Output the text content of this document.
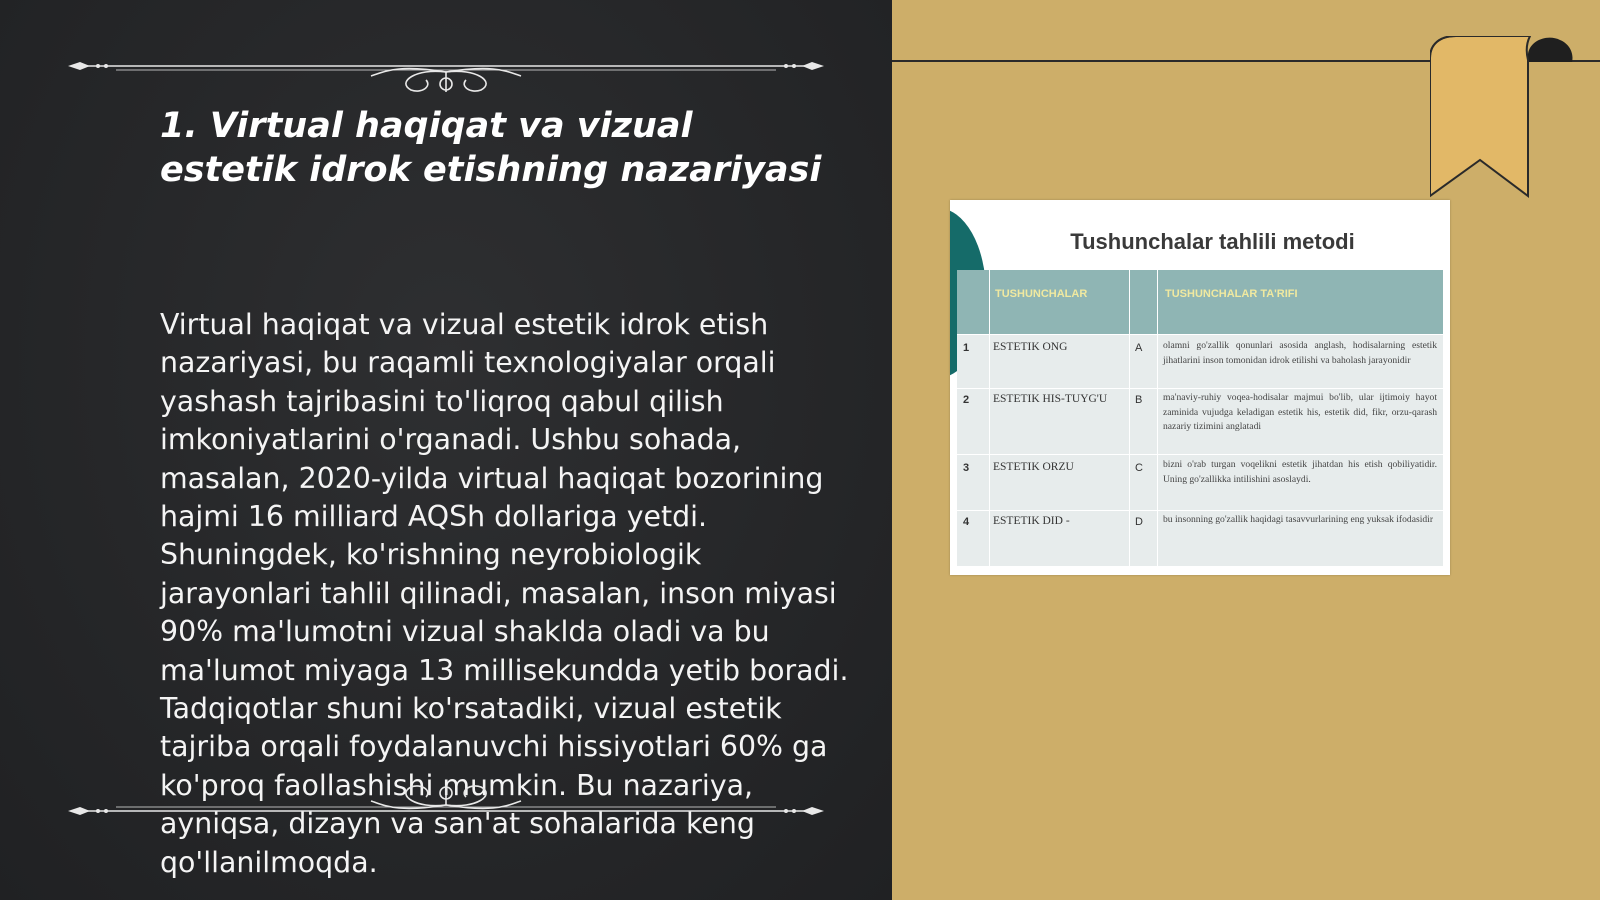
1. Virtual haqiqat va vizual estetik idrok etishning nazariyasi

Virtual haqiqat va vizual estetik idrok etish nazariyasi, bu raqamli texnologiyalar orqali yashash tajribasini to'liqroq qabul qilish imkoniyatlarini o'rganadi. Ushbu sohada, masalan, 2020-yilda virtual haqiqat bozorining hajmi 16 milliard AQSh dollariga yetdi. Shuningdek, ko'rishning neyrobiologik jarayonlari tahlil qilinadi, masalan, inson miyasi 90% ma'lumotni vizual shaklda oladi va bu ma'lumot miyaga 13 millisekundda yetib boradi. Tadqiqotlar shuni ko'rsatadiki, vizual estetik tajriba orqali foydalanuvchi hissiyotlari 60% ga ko'proq faollashishi mumkin. Bu nazariya, ayniqsa, dizayn va san'at sohalarida keng qo'llanilmoqda.

Tushunchalar tahlili metodi
TUSHUNCHALAR	TUSHUNCHALAR TA'RIFI
1 ESTETIK ONG	A olamni go'zallik qonunlari asosida anglash, hodisalarning estetik jihatlarini inson tomonidan idrok etilishi va baholash jarayonidir
2 ESTETIK HIS-TUYG'U	B ma'naviy-ruhiy voqea-hodisalar majmui bo'lib, ular ijtimoiy hayot zaminida vujudga keladigan estetik his, estetik did, fikr, orzu-qarash nazariy tizimini anglatadi
3 ESTETIK ORZU	C bizni o'rab turgan voqelikni estetik jihatdan his etish qobiliyatidir. Uning go'zallikka intilishini asoslaydi.
4 ESTETIK DID -	D bu insonning go'zallik haqidagi tasavvurlarining eng yuksak ifodasidir
